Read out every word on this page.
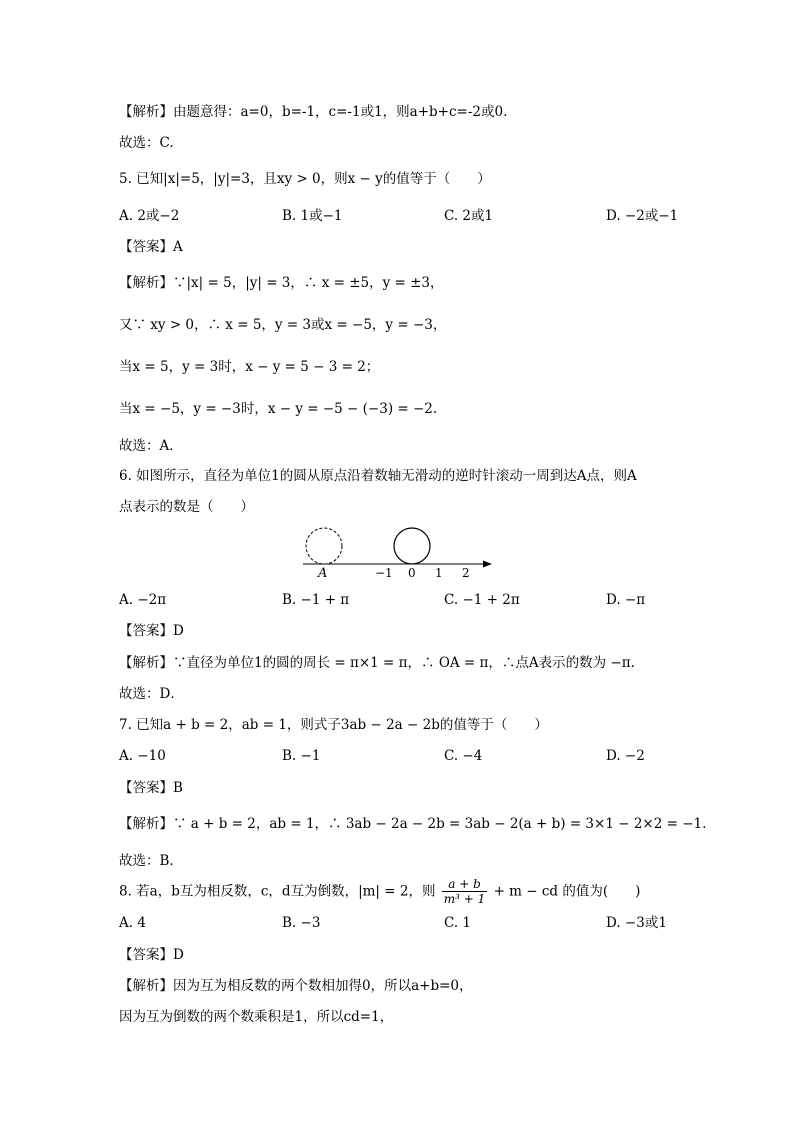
【解析】由题意得：a=0，b=-1，c=-1或1，则a+b+c=-2或0.
故选：C.
5. 已知|x|=5，|y|=3，且xy > 0，则x − y的值等于（　　）
A. 2或−2	B. 1或−1	C. 2或1	D. −2或−1
【答案】A
【解析】∵|x| = 5，|y| = 3，∴ x = ±5，y = ±3，
又∵ xy > 0，∴ x = 5，y = 3或x = −5，y = −3，
当x = 5，y = 3时，x − y = 5 − 3 = 2；
当x = −5，y = −3时，x − y = −5 − (−3) = −2.
故选：A．
6. 如图所示，直径为单位1的圆从原点沿着数轴无滑动的逆时针滚动一周到达A点，则A
点表示的数是（　　）
A	−1 0 1 2
A. −2π	B. −1 + π	C. −1 + 2π	D. −π
【答案】D
【解析】∵直径为单位1的圆的周长 = π×1 = π，∴ OA = π，∴点A表示的数为 −π.
故选：D．
7. 已知a + b = 2，ab = 1，则式子3ab − 2a − 2b的值等于（　　）
A. −10	B. −1	C. −4	D. −2
【答案】B
【解析】∵ a + b = 2，ab = 1，∴ 3ab − 2a − 2b = 3ab − 2(a + b) = 3×1 − 2×2 = −1.
故选：B．
8. 若a，b互为相反数，c，d互为倒数，|m| = 2，则 $\frac{a + b}{\text{m³ + 1}} + m$ − cd 的值为(　　)
A. 4	B. −3	C. 1	D. −3或1
【答案】D
【解析】因为互为相反数的两个数相加得0，所以a+b=0，
因为互为倒数的两个数乘积是1，所以cd=1，
